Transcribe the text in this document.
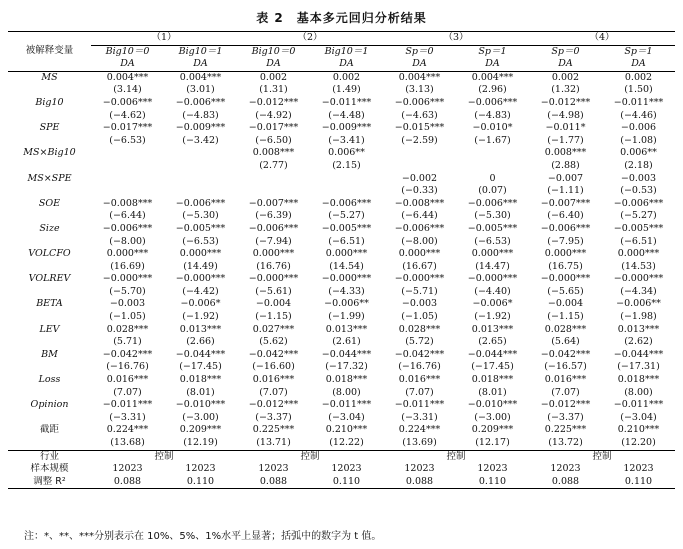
表 2　基本多元回归分析结果
被解释变量	（1）		（2）		（3）		（4）	
	Big10＝0	Big10＝1	Big10＝0	Big10＝1	Sp＝0	Sp＝1	Sp＝0	Sp＝1
	DA	DA	DA	DA	DA	DA	DA	DA
MS	0.004***	0.004***	0.002	0.002	0.004***	0.004***	0.002	0.002
	(3.14)	(3.01)	(1.31)	(1.49)	(3.13)	(2.96)	(1.32)	(1.50)
Big10	−0.006***	−0.006***	−0.012***	−0.011***	−0.006***	−0.006***	−0.012***	−0.011***
	(−4.62)	(−4.83)	(−4.92)	(−4.48)	(−4.63)	(−4.83)	(−4.98)	(−4.46)
SPE	−0.017***	−0.009***	−0.017***	−0.009***	−0.015***	−0.010*	−0.011*	−0.006
	(−6.53)	(−3.42)	(−6.50)	(−3.41)	(−2.59)	(−1.67)	(−1.77)	(−1.08)
MS×Big10			0.008***	0.006**			0.008***	0.006**
			(2.77)	(2.15)			(2.88)	(2.18)
MS×SPE					−0.002	0	−0.007	−0.003
					(−0.33)	(0.07)	(−1.11)	(−0.53)
SOE	−0.008***	−0.006***	−0.007***	−0.006***	−0.008***	−0.006***	−0.007***	−0.006***
	(−6.44)	(−5.30)	(−6.39)	(−5.27)	(−6.44)	(−5.30)	(−6.40)	(−5.27)
Size	−0.006***	−0.005***	−0.006***	−0.005***	−0.006***	−0.005***	−0.006***	−0.005***
	(−8.00)	(−6.53)	(−7.94)	(−6.51)	(−8.00)	(−6.53)	(−7.95)	(−6.51)
VOLCFO	0.000***	0.000***	0.000***	0.000***	0.000***	0.000***	0.000***	0.000***
	(16.69)	(14.49)	(16.76)	(14.54)	(16.67)	(14.47)	(16.75)	(14.53)
VOLREV	−0.000***	−0.000***	−0.000***	−0.000***	−0.000***	−0.000***	−0.000***	−0.000***
	(−5.70)	(−4.42)	(−5.61)	(−4.33)	(−5.71)	(−4.40)	(−5.65)	(−4.34)
BETA	−0.003	−0.006*	−0.004	−0.006**	−0.003	−0.006*	−0.004	−0.006**
	(−1.05)	(−1.92)	(−1.15)	(−1.99)	(−1.05)	(−1.92)	(−1.15)	(−1.98)
LEV	0.028***	0.013***	0.027***	0.013***	0.028***	0.013***	0.028***	0.013***
	(5.71)	(2.66)	(5.62)	(2.61)	(5.72)	(2.65)	(5.64)	(2.62)
BM	−0.042***	−0.044***	−0.042***	−0.044***	−0.042***	−0.044***	−0.042***	−0.044***
	(−16.76)	(−17.45)	(−16.60)	(−17.32)	(−16.76)	(−17.45)	(−16.57)	(−17.31)
Loss	0.016***	0.018***	0.016***	0.018***	0.016***	0.018***	0.016***	0.018***
	(7.07)	(8.01)	(7.07)	(8.00)	(7.07)	(8.01)	(7.07)	(8.00)
Opinion	−0.011***	−0.010***	−0.012***	−0.011***	−0.011***	−0.010***	−0.012***	−0.011***
	(−3.31)	(−3.00)	(−3.37)	(−3.04)	(−3.31)	(−3.00)	(−3.37)	(−3.04)
截距	0.224***	0.209***	0.225***	0.210***	0.224***	0.209***	0.225***	0.210***
	(13.68)	(12.19)	(13.71)	(12.22)	(13.69)	(12.17)	(13.72)	(12.20)
行业	控制		控制		控制		控制	
样本规模	12023	12023	12023	12023	12023	12023	12023	12023
调整 R²	0.088	0.110	0.088	0.110	0.088	0.110	0.088	0.110
注：*、**、***分别表示在 10%、5%、1%水平上显著；括弧中的数字为 t 值。
